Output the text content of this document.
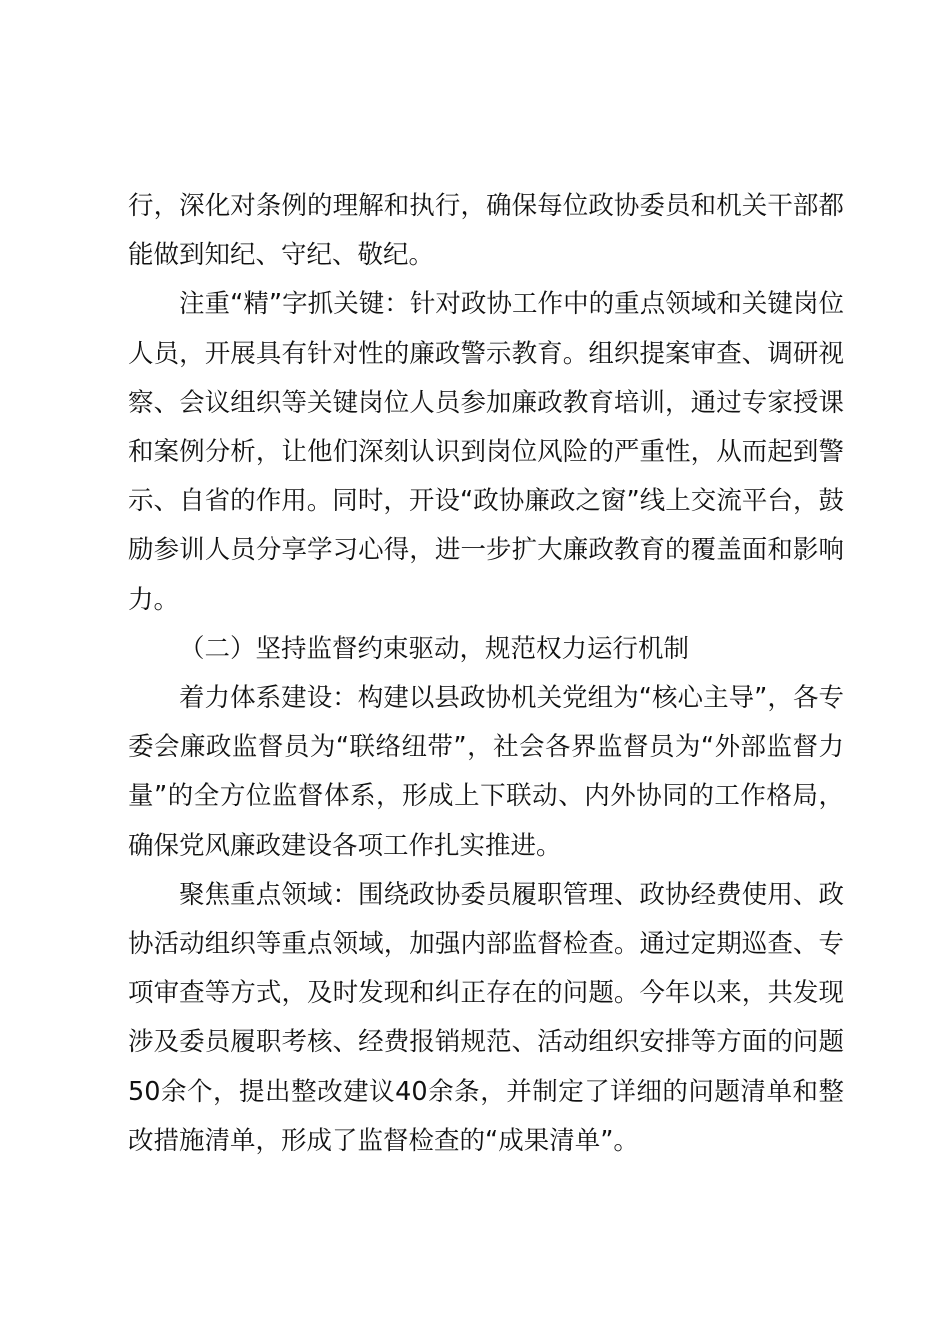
行，深化对条例的理解和执行，确保每位政协委员和机关干部都能做到知纪、守纪、敬纪。

注重“精”字抓关键：针对政协工作中的重点领域和关键岗位人员，开展具有针对性的廉政警示教育。组织提案审查、调研视察、会议组织等关键岗位人员参加廉政教育培训，通过专家授课和案例分析，让他们深刻认识到岗位风险的严重性，从而起到警示、自省的作用。同时，开设“政协廉政之窗”线上交流平台，鼓励参训人员分享学习心得，进一步扩大廉政教育的覆盖面和影响力。

（二）坚持监督约束驱动，规范权力运行机制

着力体系建设：构建以县政协机关党组为“核心主导”，各专委会廉政监督员为“联络纽带”，社会各界监督员为“外部监督力量”的全方位监督体系，形成上下联动、内外协同的工作格局，确保党风廉政建设各项工作扎实推进。

聚焦重点领域：围绕政协委员履职管理、政协经费使用、政协活动组织等重点领域，加强内部监督检查。通过定期巡查、专项审查等方式，及时发现和纠正存在的问题。今年以来，共发现涉及委员履职考核、经费报销规范、活动组织安排等方面的问题50余个，提出整改建议40余条，并制定了详细的问题清单和整改措施清单，形成了监督检查的“成果清单”。
